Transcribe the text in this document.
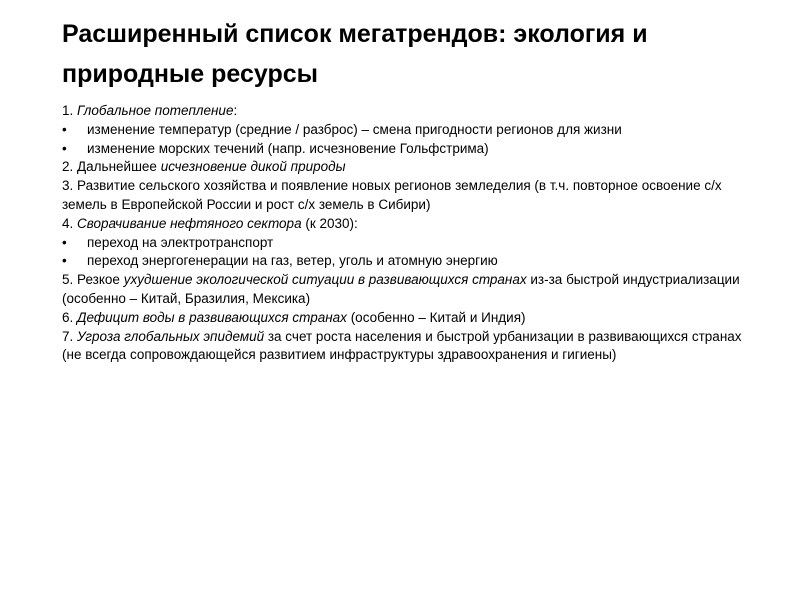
Расширенный список мегатрендов: экология и природные ресурсы

1. Глобальное потепление:

• изменение температур (средние / разброс) – смена пригодности регионов для жизни

• изменение морских течений (напр. исчезновение Гольфстрима)

2. Дальнейшее исчезновение дикой природы

3. Развитие сельского хозяйства и появление новых регионов земледелия (в т.ч. повторное освоение с/х земель в Европейской России и рост с/х земель в Сибири)

4. Сворачивание нефтяного сектора (к 2030):

• переход на электротранспорт

• переход энергогенерации на газ, ветер, уголь и атомную энергию

5. Резкое ухудшение экологической ситуации в развивающихся странах из-за быстрой индустриализации (особенно – Китай, Бразилия, Мексика)

6. Дефицит воды в развивающихся странах (особенно – Китай и Индия)

7. Угроза глобальных эпидемий за счет роста населения и быстрой урбанизации в развивающихся странах (не всегда сопровождающейся развитием инфраструктуры здравоохранения и гигиены)
